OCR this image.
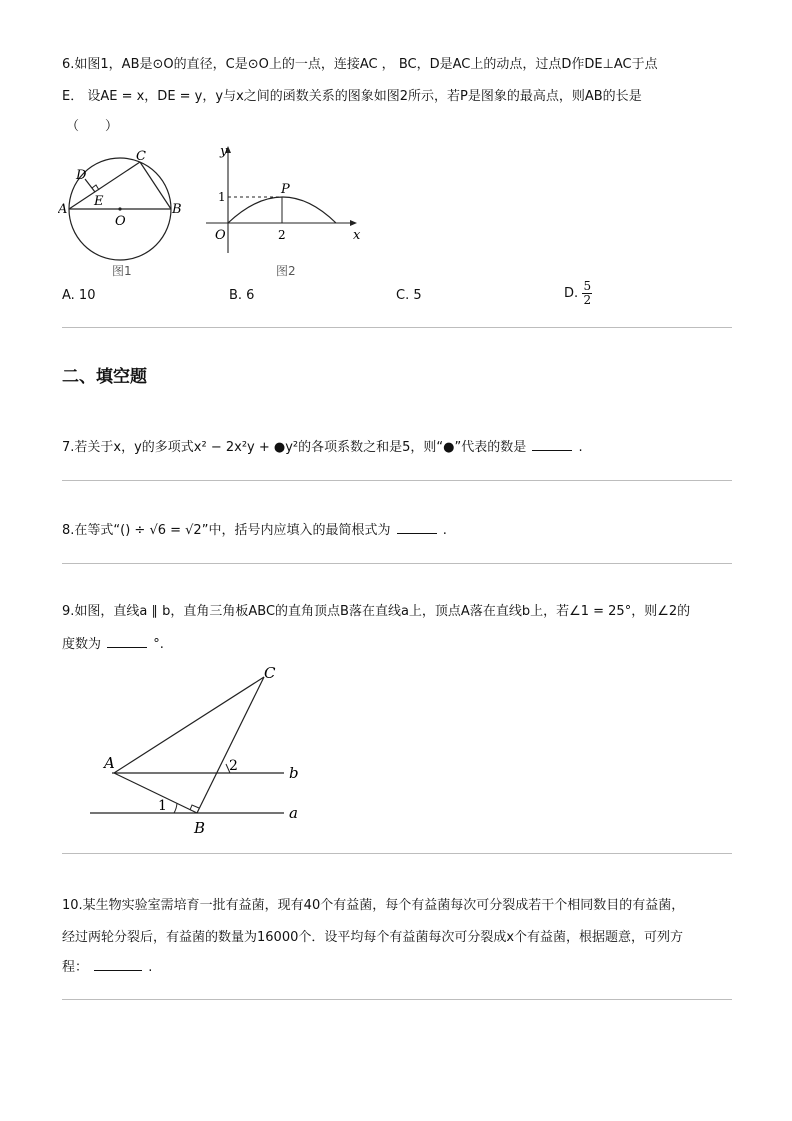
6.如图1，AB是⊙O的直径，C是⊙O上的一点，连接AC ， BC，D是AC上的动点，过点D作DE⊥AC于点
E． 设AE = x，DE = y，y与x之间的函数关系的图象如图2所示，若P是图象的最高点，则AB的长是
（　　）
A	B
C
D
E
O
图1
y
x
O
P
1
2
图2
A. 10	B. 6	C. 5	D. $\frac{5}{2}$
二、填空题
7.若关于x，y的多项式x² − 2x²y + ●y²的各项系数之和是5，则“●”代表的数是	.
8.在等式“() ÷ √6 = √2”中，括号内应填入的最简根式为	.
9.如图，直线a ∥ b，直角三角板ABC的直角顶点B落在直线a上，顶点A落在直线b上，若∠1 = 25°，则∠2的
度数为	°.
A
B
C
b
a
1
2
10.某生物实验室需培育一批有益菌，现有40个有益菌，每个有益菌每次可分裂成若干个相同数目的有益菌，
经过两轮分裂后，有益菌的数量为16000个．设平均每个有益菌每次可分裂成x个有益菌，根据题意，可列方
程：	.
